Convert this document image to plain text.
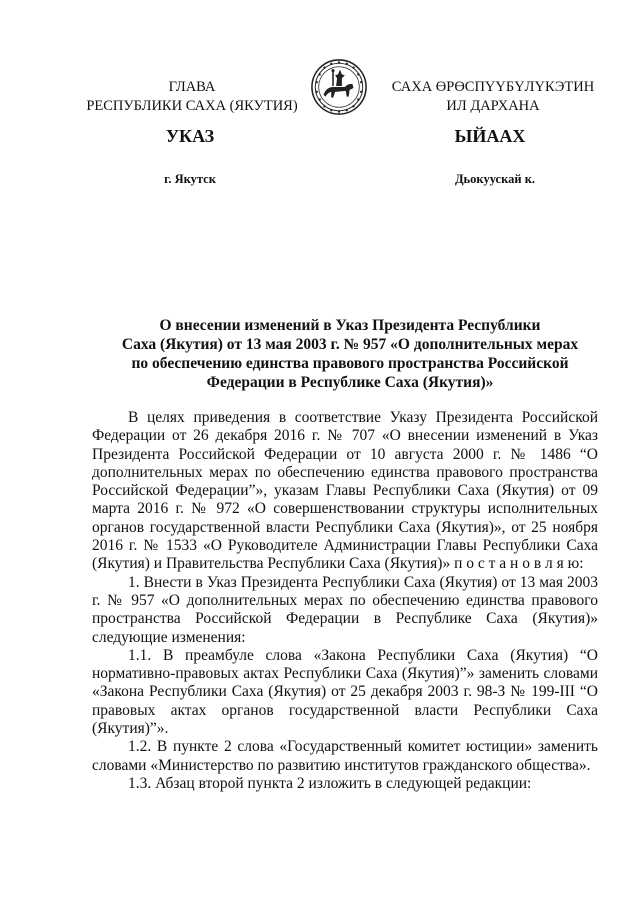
ГЛАВА
РЕСПУБЛИКИ САХА (ЯКУТИЯ)
САХА ӨРӨСПҮҮБҮЛҮКЭТИН
ИЛ ДАРХАНА
УКАЗ	ЫЙААХ
г. Якутск	Дьокуускай к.
О внесении изменений в Указ Президента Республики
Саха (Якутия) от 13 мая 2003 г. № 957 «О дополнительных мерах
по обеспечению единства правового пространства Российской
Федерации в Республике Саха (Якутия)»

В целях приведения в соответствие Указу Президента Российской Федерации от 26 декабря 2016 г. № 707 «О внесении изменений в Указ Президента Российской Федерации от 10 августа 2000 г. № 1486 “О дополнительных мерах по обеспечению единства правового пространства Российской Федерации”», указам Главы Республики Саха (Якутия) от 09 марта 2016 г. № 972 «О совершенствовании структуры исполнительных органов государственной власти Республики Саха (Якутия)», от 25 ноября 2016 г. № 1533 «О Руководителе Администрации Главы Республики Саха (Якутия) и Правительства Республики Саха (Якутия)» п о с т а н о в л я ю:

1. Внести в Указ Президента Республики Саха (Якутия) от 13 мая 2003 г. № 957 «О дополнительных мерах по обеспечению единства правового пространства Российской Федерации в Республике Саха (Якутия)» следующие изменения:

1.1. В преамбуле слова «Закона Республики Саха (Якутия) “О нормативно-правовых актах Республики Саха (Якутия)”» заменить словами «Закона Республики Саха (Якутия) от 25 декабря 2003 г. 98-З № 199-III “О правовых актах органов государственной власти Республики Саха (Якутия)”».

1.2. В пункте 2 слова «Государственный комитет юстиции» заменить словами «Министерство по развитию институтов гражданского общества».

1.3. Абзац второй пункта 2 изложить в следующей редакции:
